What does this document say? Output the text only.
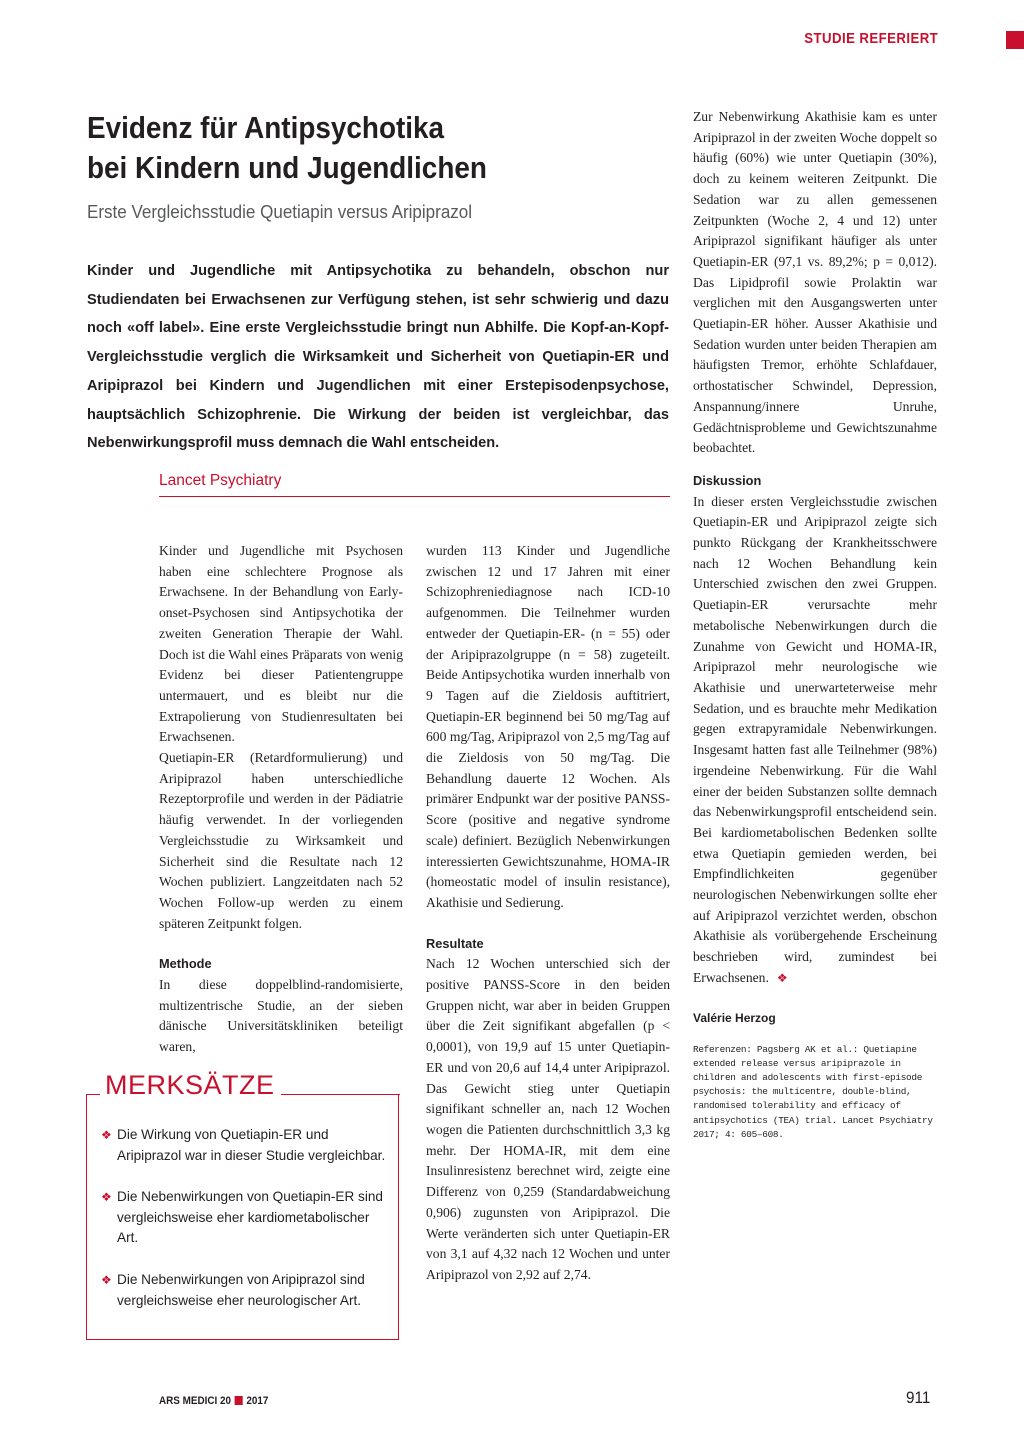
STUDIE REFERIERT
Evidenz für Antipsychotika
bei Kindern und Jugendlichen
Erste Vergleichsstudie Quetiapin versus Aripiprazol

Kinder und Jugendliche mit Antipsychotika zu behandeln, obschon nur Studiendaten bei Erwachsenen zur Verfügung stehen, ist sehr schwierig und dazu noch «off label». Eine erste Vergleichsstudie bringt nun Abhilfe. Die Kopf-an-Kopf-Vergleichsstudie verglich die Wirksamkeit und Sicherheit von Quetiapin-ER und Aripiprazol bei Kindern und Jugendlichen mit einer Erstepisodenpsychose, hauptsächlich Schizophrenie. Die Wirkung der beiden ist vergleichbar, das Nebenwirkungsprofil muss demnach die Wahl entscheiden.

Lancet Psychiatry

Kinder und Jugendliche mit Psychosen haben eine schlechtere Prognose als Erwachsene. In der Behandlung von Early-onset-Psychosen sind Antipsychotika der zweiten Generation Therapie der Wahl. Doch ist die Wahl eines Präparats von wenig Evidenz bei dieser Patientengruppe untermauert, und es bleibt nur die Extrapolierung von Studienresultaten bei Erwachsenen.

Quetiapin-ER (Retardformulierung) und Aripiprazol haben unterschiedliche Rezeptorprofile und werden in der Pädiatrie häufig verwendet. In der vorliegenden Vergleichsstudie zu Wirksamkeit und Sicherheit sind die Resultate nach 12 Wochen publiziert. Langzeitdaten nach 52 Wochen Follow-up werden zu einem späteren Zeitpunkt folgen.

Methode

In diese doppelblind-randomisierte, multizentrische Studie, an der sieben dänische Universitätskliniken beteiligt waren,

wurden 113 Kinder und Jugendliche zwischen 12 und 17 Jahren mit einer Schizophreniediagnose nach ICD-10 aufgenommen. Die Teilnehmer wurden entweder der Quetiapin-ER- (n = 55) oder der Aripiprazolgruppe (n = 58) zugeteilt. Beide Antipsychotika wurden innerhalb von 9 Tagen auf die Zieldosis auftitriert, Quetiapin-ER beginnend bei 50 mg/Tag auf 600 mg/Tag, Aripiprazol von 2,5 mg/Tag auf die Zieldosis von 50 mg/Tag. Die Behandlung dauerte 12 Wochen. Als primärer Endpunkt war der positive PANSS-Score (positive and negative syndrome scale) definiert. Bezüglich Nebenwirkungen interessierten Gewichtszunahme, HOMA-IR (homeostatic model of insulin resistance), Akathisie und Sedierung.

Resultate

Nach 12 Wochen unterschied sich der positive PANSS-Score in den beiden Gruppen nicht, war aber in beiden Gruppen über die Zeit signifikant abgefallen (p < 0,0001), von 19,9 auf 15 unter Quetiapin-ER und von 20,6 auf 14,4 unter Aripiprazol. Das Gewicht stieg unter Quetiapin signifikant schneller an, nach 12 Wochen wogen die Patienten durchschnittlich 3,3 kg mehr. Der HOMA-IR, mit dem eine Insulinresistenz berechnet wird, zeigte eine Differenz von 0,259 (Standardabweichung 0,906) zugunsten von Aripiprazol. Die Werte veränderten sich unter Quetiapin-ER von 3,1 auf 4,32 nach 12 Wochen und unter Aripiprazol von 2,92 auf 2,74.

Zur Nebenwirkung Akathisie kam es unter Aripiprazol in der zweiten Woche doppelt so häufig (60%) wie unter Quetiapin (30%), doch zu keinem weiteren Zeitpunkt. Die Sedation war zu allen gemessenen Zeitpunkten (Woche 2, 4 und 12) unter Aripiprazol signifikant häufiger als unter Quetiapin-ER (97,1 vs. 89,2%; p = 0,012). Das Lipidprofil sowie Prolaktin war verglichen mit den Ausgangswerten unter Quetiapin-ER höher. Ausser Akathisie und Sedation wurden unter beiden Therapien am häufigsten Tremor, erhöhte Schlafdauer, orthostatischer Schwindel, Depression, Anspannung/innere Unruhe, Gedächtnisprobleme und Gewichtszunahme beobachtet.

Diskussion

In dieser ersten Vergleichsstudie zwischen Quetiapin-ER und Aripiprazol zeigte sich punkto Rückgang der Krankheitsschwere nach 12 Wochen Behandlung kein Unterschied zwischen den zwei Gruppen. Quetiapin-ER verursachte mehr metabolische Nebenwirkungen durch die Zunahme von Gewicht und HOMA-IR, Aripiprazol mehr neurologische wie Akathisie und unerwarteterweise mehr Sedation, und es brauchte mehr Medikation gegen extrapyramidale Nebenwirkungen. Insgesamt hatten fast alle Teilnehmer (98%) irgendeine Nebenwirkung. Für die Wahl einer der beiden Substanzen sollte demnach das Nebenwirkungsprofil entscheidend sein. Bei kardiometabolischen Bedenken sollte etwa Quetiapin gemieden werden, bei Empfindlichkeiten gegenüber neurologischen Nebenwirkungen sollte eher auf Aripiprazol verzichtet werden, obschon Akathisie als vorübergehende Erscheinung beschrieben wird, zumindest bei Erwachsenen. ❖

Valérie Herzog

Referenzen: Pagsberg AK et al.: Quetiapine extended release versus aripiprazole in children and adolescents with first-episode psychosis: the multicentre, double-blind, randomised tolerability and efficacy of antipsychotics (TEA) trial. Lancet Psychiatry 2017; 4: 605–608.

MERKSÄTZE
❖ Die Wirkung von Quetiapin-ER und Aripiprazol war in dieser Studie vergleichbar.
❖ Die Nebenwirkungen von Quetiapin-ER sind vergleichsweise eher kardiometabolischer Art.
❖ Die Nebenwirkungen von Aripiprazol sind vergleichsweise eher neurologischer Art.
ARS MEDICI 20 2017	911
